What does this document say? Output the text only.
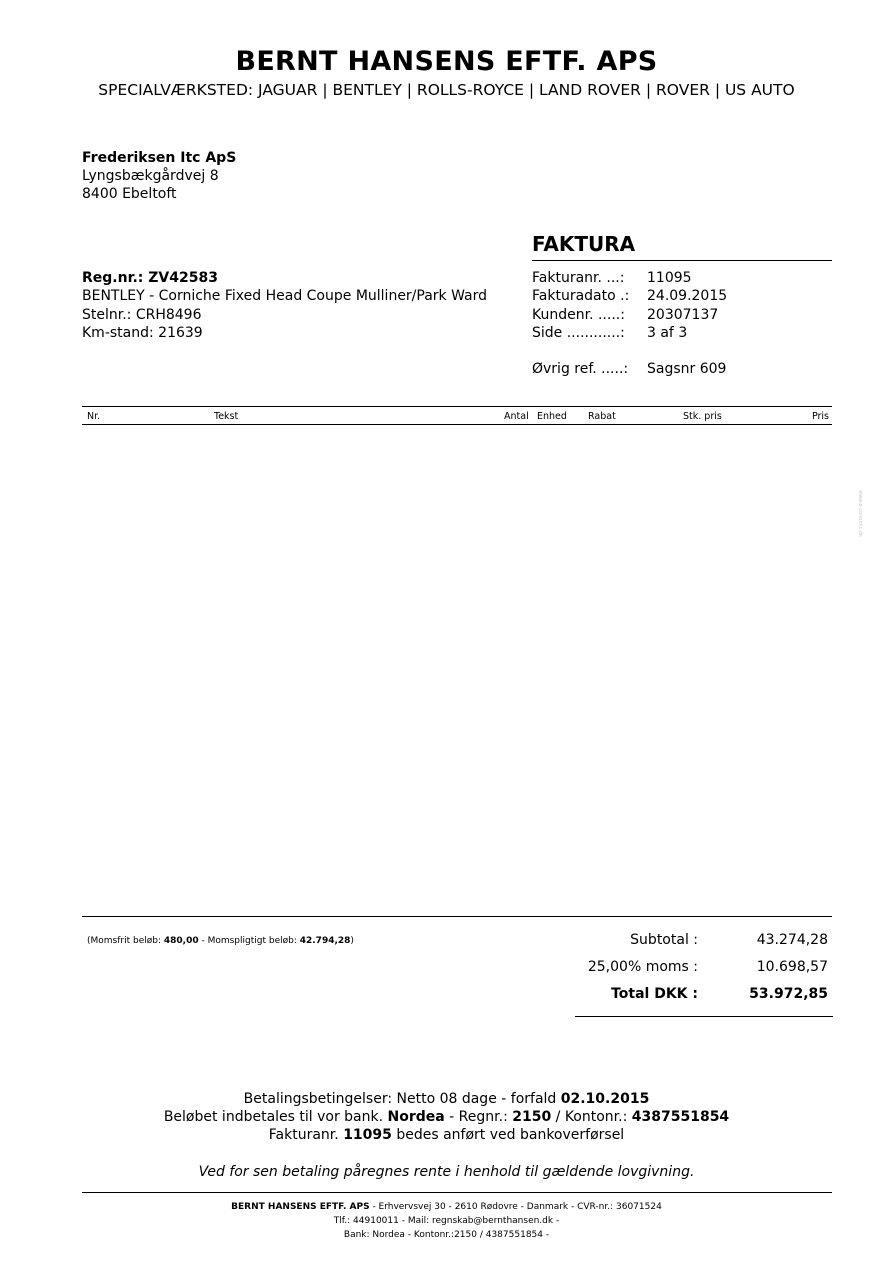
BERNT HANSENS EFTF. APS
SPECIALVÆRKSTED: JAGUAR | BENTLEY | ROLLS-ROYCE | LAND ROVER | ROVER | US AUTO
Frederiksen Itc ApS
Lyngsbækgårdvej 8
8400 Ebeltoft
FAKTURA
Reg.nr.: ZV42583
BENTLEY - Corniche Fixed Head Coupe Mulliner/Park Ward
Stelnr.: CRH8496
Km-stand: 21639
Fakturanr. ...: 11095
Fakturadato .: 24.09.2015
Kundenr. .....: 20307137
Side ............: 3 af 3
Øvrig ref. .....: Sagsnr 609
Nr.	Tekst	Antal Enhed Rabat	Stk. pris	Pris
www.e-conomic.dk
(Momsfrit beløb: 480,00 - Momspligtigt beløb: 42.794,28)	Subtotal :	43.274,28
25,00% moms :	10.698,57
Total DKK :	53.972,85
Betalingsbetingelser: Netto 08 dage - forfald 02.10.2015
Beløbet indbetales til vor bank. Nordea - Regnr.: 2150 / Kontonr.: 4387551854
Fakturanr. 11095 bedes anført ved bankoverførsel
Ved for sen betaling påregnes rente i henhold til gældende lovgivning.
BERNT HANSENS EFTF. APS - Erhvervsvej 30 - 2610 Rødovre - Danmark - CVR-nr.: 36071524
Tlf.: 44910011 - Mail: regnskab@bernthansen.dk -
Bank: Nordea - Kontonr.:2150 / 4387551854 -
